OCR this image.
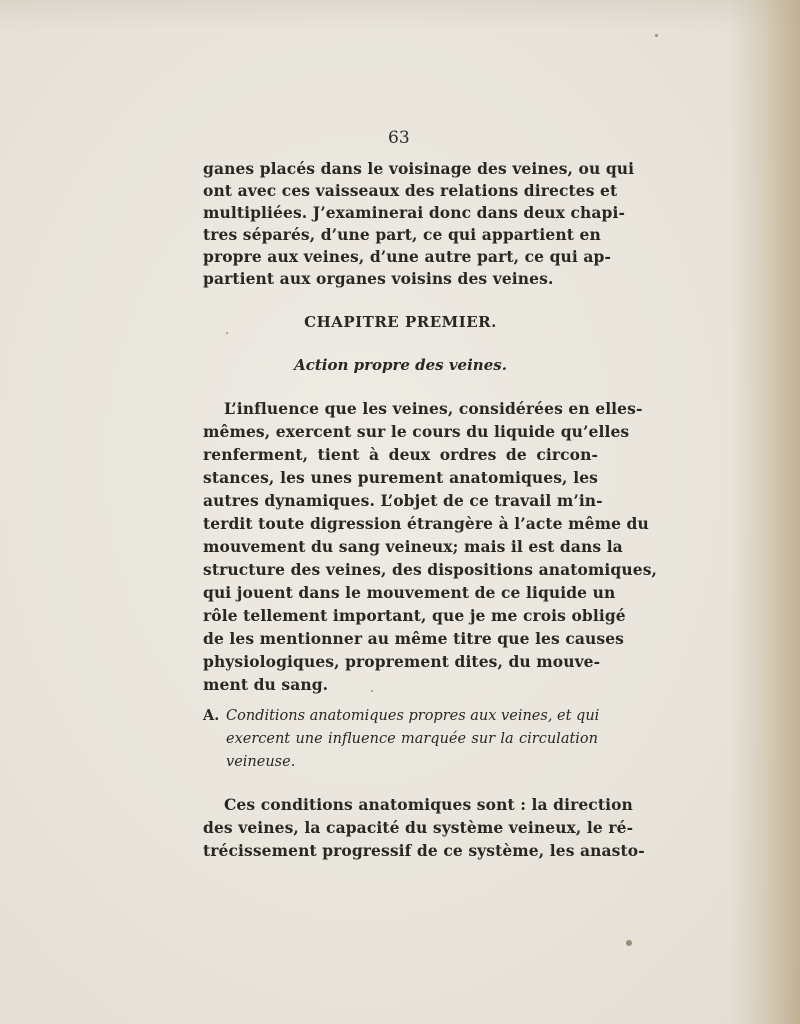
63
ganes placés dans le voisinage des veines, ou qui
ont avec ces vaisseaux des relations directes et
multipliées. J’examinerai donc dans deux chapi-
tres séparés, d’une part, ce qui appartient en
propre aux veines, d’une autre part, ce qui ap-
partient aux organes voisins des veines.
CHAPITRE PREMIER.
Action propre des veines.
L’influence que les veines, considérées en elles-
mêmes, exercent sur le cours du liquide qu’elles
renferment, tient à deux ordres de circon-
stances, les unes purement anatomiques, les
autres dynamiques. L’objet de ce travail m’in-
terdit toute digression étrangère à l’acte même du
mouvement du sang veineux; mais il est dans la
structure des veines, des dispositions anatomiques,
qui jouent dans le mouvement de ce liquide un
rôle tellement important, que je me crois obligé
de les mentionner au même titre que les causes
physiologiques, proprement dites, du mouve-
ment du sang.
A. Conditions anatomiques propres aux veines, et qui
exercent une influence marquée sur la circulation
veineuse.
Ces conditions anatomiques sont : la direction
des veines, la capacité du système veineux, le ré-
trécissement progressif de ce système, les anasto-
